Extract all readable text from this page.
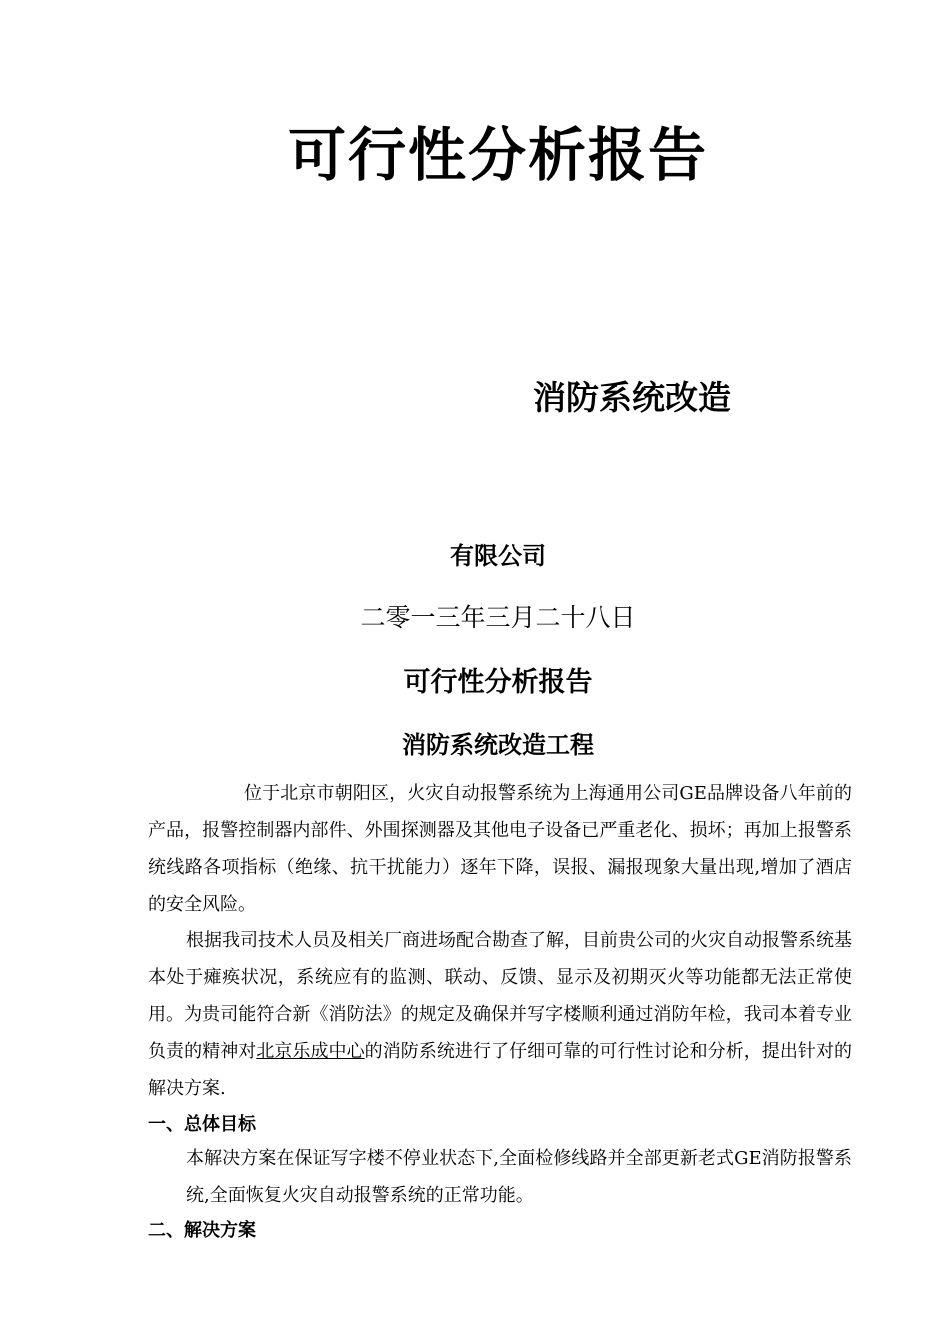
可行性分析报告
消防系统改造

有限公司

二零一三年三月二十八日

可行性分析报告

消防系统改造工程

位于北京市朝阳区，火灾自动报警系统为上海通用公司GE品牌设备八年前的产品，报警控制器内部件、外围探测器及其他电子设备已严重老化、损坏；再加上报警系统线路各项指标（绝缘、抗干扰能力）逐年下降，误报、漏报现象大量出现,增加了酒店的安全风险。

根据我司技术人员及相关厂商进场配合勘查了解，目前贵公司的火灾自动报警系统基本处于瘫痪状况，系统应有的监测、联动、反馈、显示及初期灭火等功能都无法正常使用。为贵司能符合新《消防法》的规定及确保并写字楼顺利通过消防年检，我司本着专业负责的精神对北京乐成中心的消防系统进行了仔细可靠的可行性讨论和分析，提出针对的解决方案.

一、总体目标

本解决方案在保证写字楼不停业状态下,全面检修线路并全部更新老式GE消防报警系统,全面恢复火灾自动报警系统的正常功能。

二、解决方案
